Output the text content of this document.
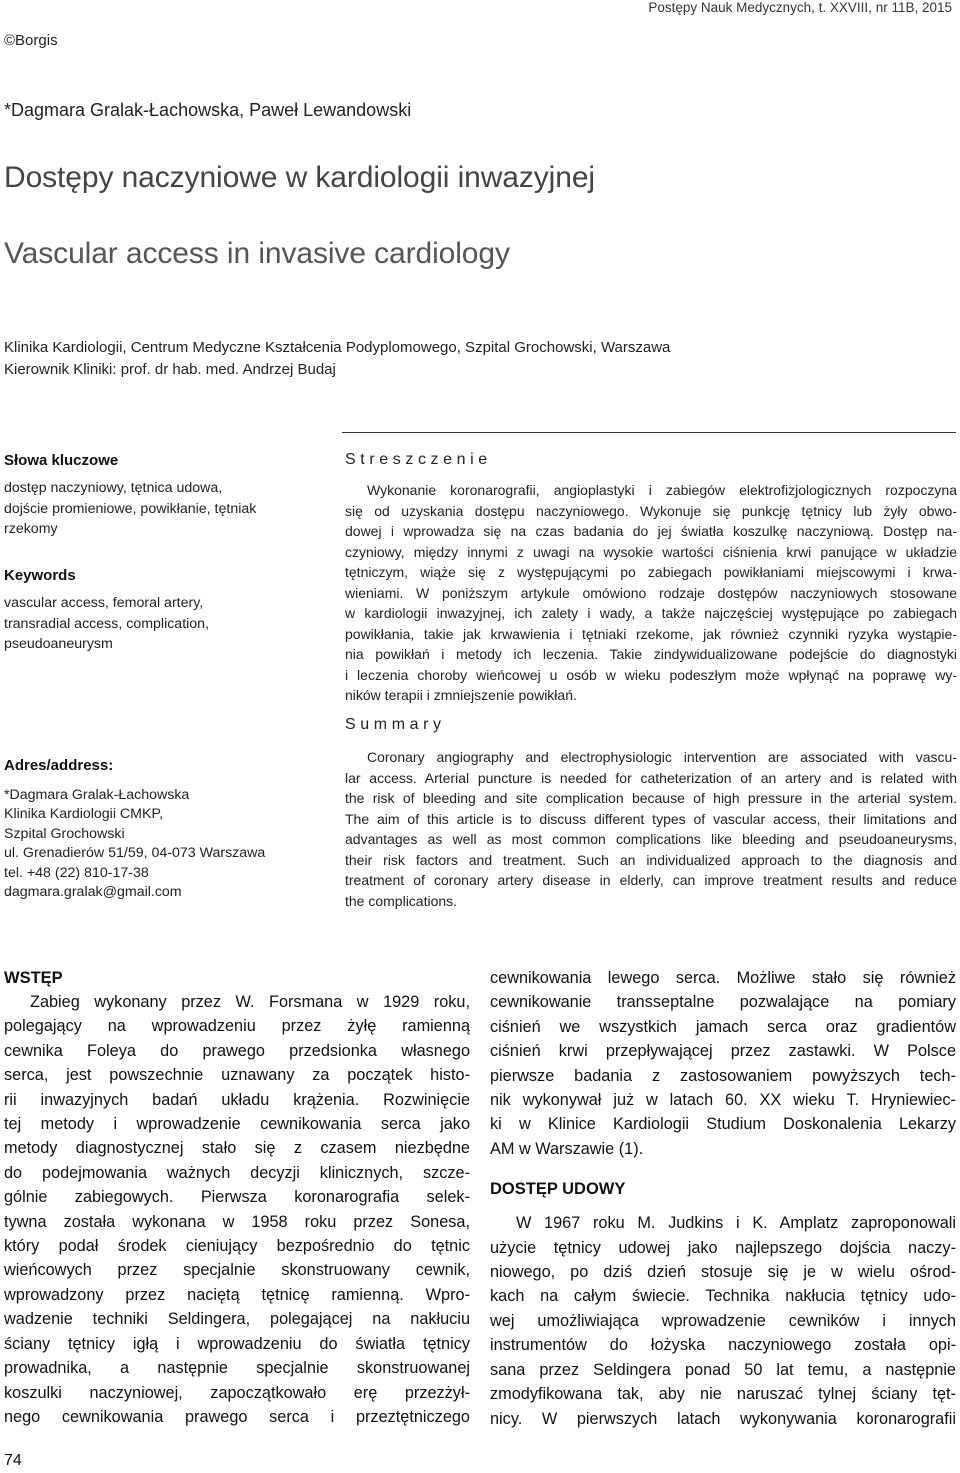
Postępy Nauk Medycznych, t. XXVIII, nr 11B, 2015
©Borgis
*Dagmara Gralak-Łachowska, Paweł Lewandowski
Dostępy naczyniowe w kardiologii inwazyjnej
Vascular access in invasive cardiology
Klinika Kardiologii, Centrum Medyczne Kształcenia Podyplomowego, Szpital Grochowski, Warszawa
Kierownik Kliniki: prof. dr hab. med. Andrzej Budaj
Słowa kluczowe
dostęp naczyniowy, tętnica udowa,
dojście promieniowe, powikłanie, tętniak
rzekomy
Keywords
vascular access, femoral artery,
transradial access, complication,
pseudoaneurysm
Streszczenie
Wykonanie koronarografii, angioplastyki i zabiegów elektrofizjologicznych rozpoczyna
się od uzyskania dostępu naczyniowego. Wykonuje się punkcję tętnicy lub żyły obwo-
dowej i wprowadza się na czas badania do jej światła koszulkę naczyniową. Dostęp na-
czyniowy, między innymi z uwagi na wysokie wartości ciśnienia krwi panujące w układzie
tętniczym, wiąże się z występującymi po zabiegach powikłaniami miejscowymi i krwa-
wieniami. W poniższym artykule omówiono rodzaje dostępów naczyniowych stosowane
w kardiologii inwazyjnej, ich zalety i wady, a także najczęściej występujące po zabiegach
powikłania, takie jak krwawienia i tętniaki rzekome, jak również czynniki ryzyka wystąpie-
nia powikłań i metody ich leczenia. Takie zindywidualizowane podejście do diagnostyki
i leczenia choroby wieńcowej u osób w wieku podeszłym może wpłynąć na poprawę wy-
ników terapii i zmniejszenie powikłań.
Summary
Coronary angiography and electrophysiologic intervention are associated with vascu-
lar access. Arterial puncture is needed for catheterization of an artery and is related with
the risk of bleeding and site complication because of high pressure in the arterial system.
The aim of this article is to discuss different types of vascular access, their limitations and
advantages as well as most common complications like bleeding and pseudoaneurysms,
their risk factors and treatment. Such an individualized approach to the diagnosis and
treatment of coronary artery disease in elderly, can improve treatment results and reduce
the complications.
Adres/address:
*Dagmara Gralak-Łachowska
Klinika Kardiologii CMKP,
Szpital Grochowski
ul. Grenadierów 51/59, 04-073 Warszawa
tel. +48 (22) 810-17-38
dagmara.gralak@gmail.com
WSTĘP
Zabieg wykonany przez W. Forsmana w 1929 roku,
polegający na wprowadzeniu przez żyłę ramienną
cewnika Foleya do prawego przedsionka własnego
serca, jest powszechnie uznawany za początek histo-
rii inwazyjnych badań układu krążenia. Rozwinięcie
tej metody i wprowadzenie cewnikowania serca jako
metody diagnostycznej stało się z czasem niezbędne
do podejmowania ważnych decyzji klinicznych, szcze-
gólnie zabiegowych. Pierwsza koronarografia selek-
tywna została wykonana w 1958 roku przez Sonesa,
który podał środek cieniujący bezpośrednio do tętnic
wieńcowych przez specjalnie skonstruowany cewnik,
wprowadzony przez naciętą tętnicę ramienną. Wpro-
wadzenie techniki Seldingera, polegającej na nakłuciu
ściany tętnicy igłą i wprowadzeniu do światła tętnicy
prowadnika, a następnie specjalnie skonstruowanej
koszulki naczyniowej, zapoczątkowało erę przezżył-
nego cewnikowania prawego serca i przeztętniczego
cewnikowania lewego serca. Możliwe stało się również
cewnikowanie transseptalne pozwalające na pomiary
ciśnień we wszystkich jamach serca oraz gradientów
ciśnień krwi przepływającej przez zastawki. W Polsce
pierwsze badania z zastosowaniem powyższych tech-
nik wykonywał już w latach 60. XX wieku T. Hryniewiec-
ki w Klinice Kardiologii Studium Doskonalenia Lekarzy
AM w Warszawie (1).
DOSTĘP UDOWY
W 1967 roku M. Judkins i K. Amplatz zaproponowali
użycie tętnicy udowej jako najlepszego dojścia naczy-
niowego, po dziś dzień stosuje się je w wielu ośrod-
kach na całym świecie. Technika nakłucia tętnicy udo-
wej umożliwiająca wprowadzenie cewników i innych
instrumentów do łożyska naczyniowego została opi-
sana przez Seldingera ponad 50 lat temu, a następnie
zmodyfikowana tak, aby nie naruszać tylnej ściany tęt-
nicy. W pierwszych latach wykonywania koronarografii
74
